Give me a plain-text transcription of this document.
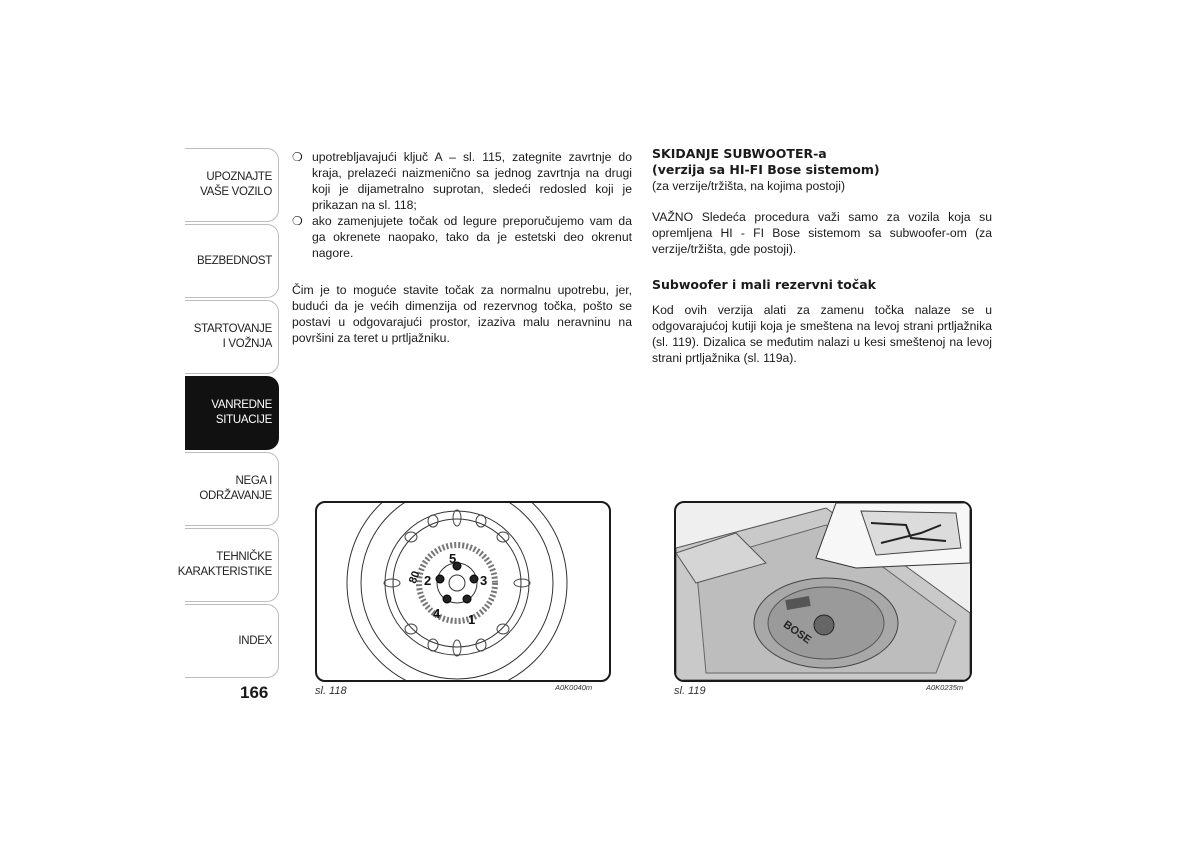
UPOZNAJTE
VAŠE VOZILO
BEZBEDNOST
STARTOVANJE
I VOŽNJA
VANREDNE
SITUACIJE
NEGA I
ODRŽAVANJE
TEHNIČKE
KARAKTERISTIKE
INDEX
166
❍ upotrebljavajući ključ A – sl. 115, zategnite zavrtnje do kraja, prelazeći naizmenično sa jednog zavrtnja na drugi koji je dijametralno suprotan, sledeći redosled koji je prikazan na sl. 118;

❍ ako zamenjujete točak od legure preporučujemo vam da ga okrenete naopako, tako da je estetski deo okrenut nagore.

Čim je to moguće stavite točak za normalnu upotrebu, jer, budući da je većih dimenzija od rezervnog točka, pošto se postavi u odgovarajući prostor, izaziva malu neravninu na površini za teret u prtljažniku.

SKIDANJE SUBWOOTER-a
(verzija sa HI-FI Bose sistemom)

(za verzije/tržišta, na kojima postoji)

VAŽNO Sledeća procedura važi samo za vozila koja su opremljena HI - FI Bose sistemom sa subwoofer-om (za verzije/tržišta, gde postoji).

Subwoofer i mali rezervni točak

Kod ovih verzija alati za zamenu točka nalaze se u odgovarajućoj kutiji koja je smeštena na levoj strani prtljažnika (sl. 119). Dizalica se međutim nalazi u kesi smeštenoj na levoj strani prtljažnika (sl. 119a).

5
2	3
4 1
80
sl. 118	A0K0040m
BOSE
sl. 119	A0K0235m
